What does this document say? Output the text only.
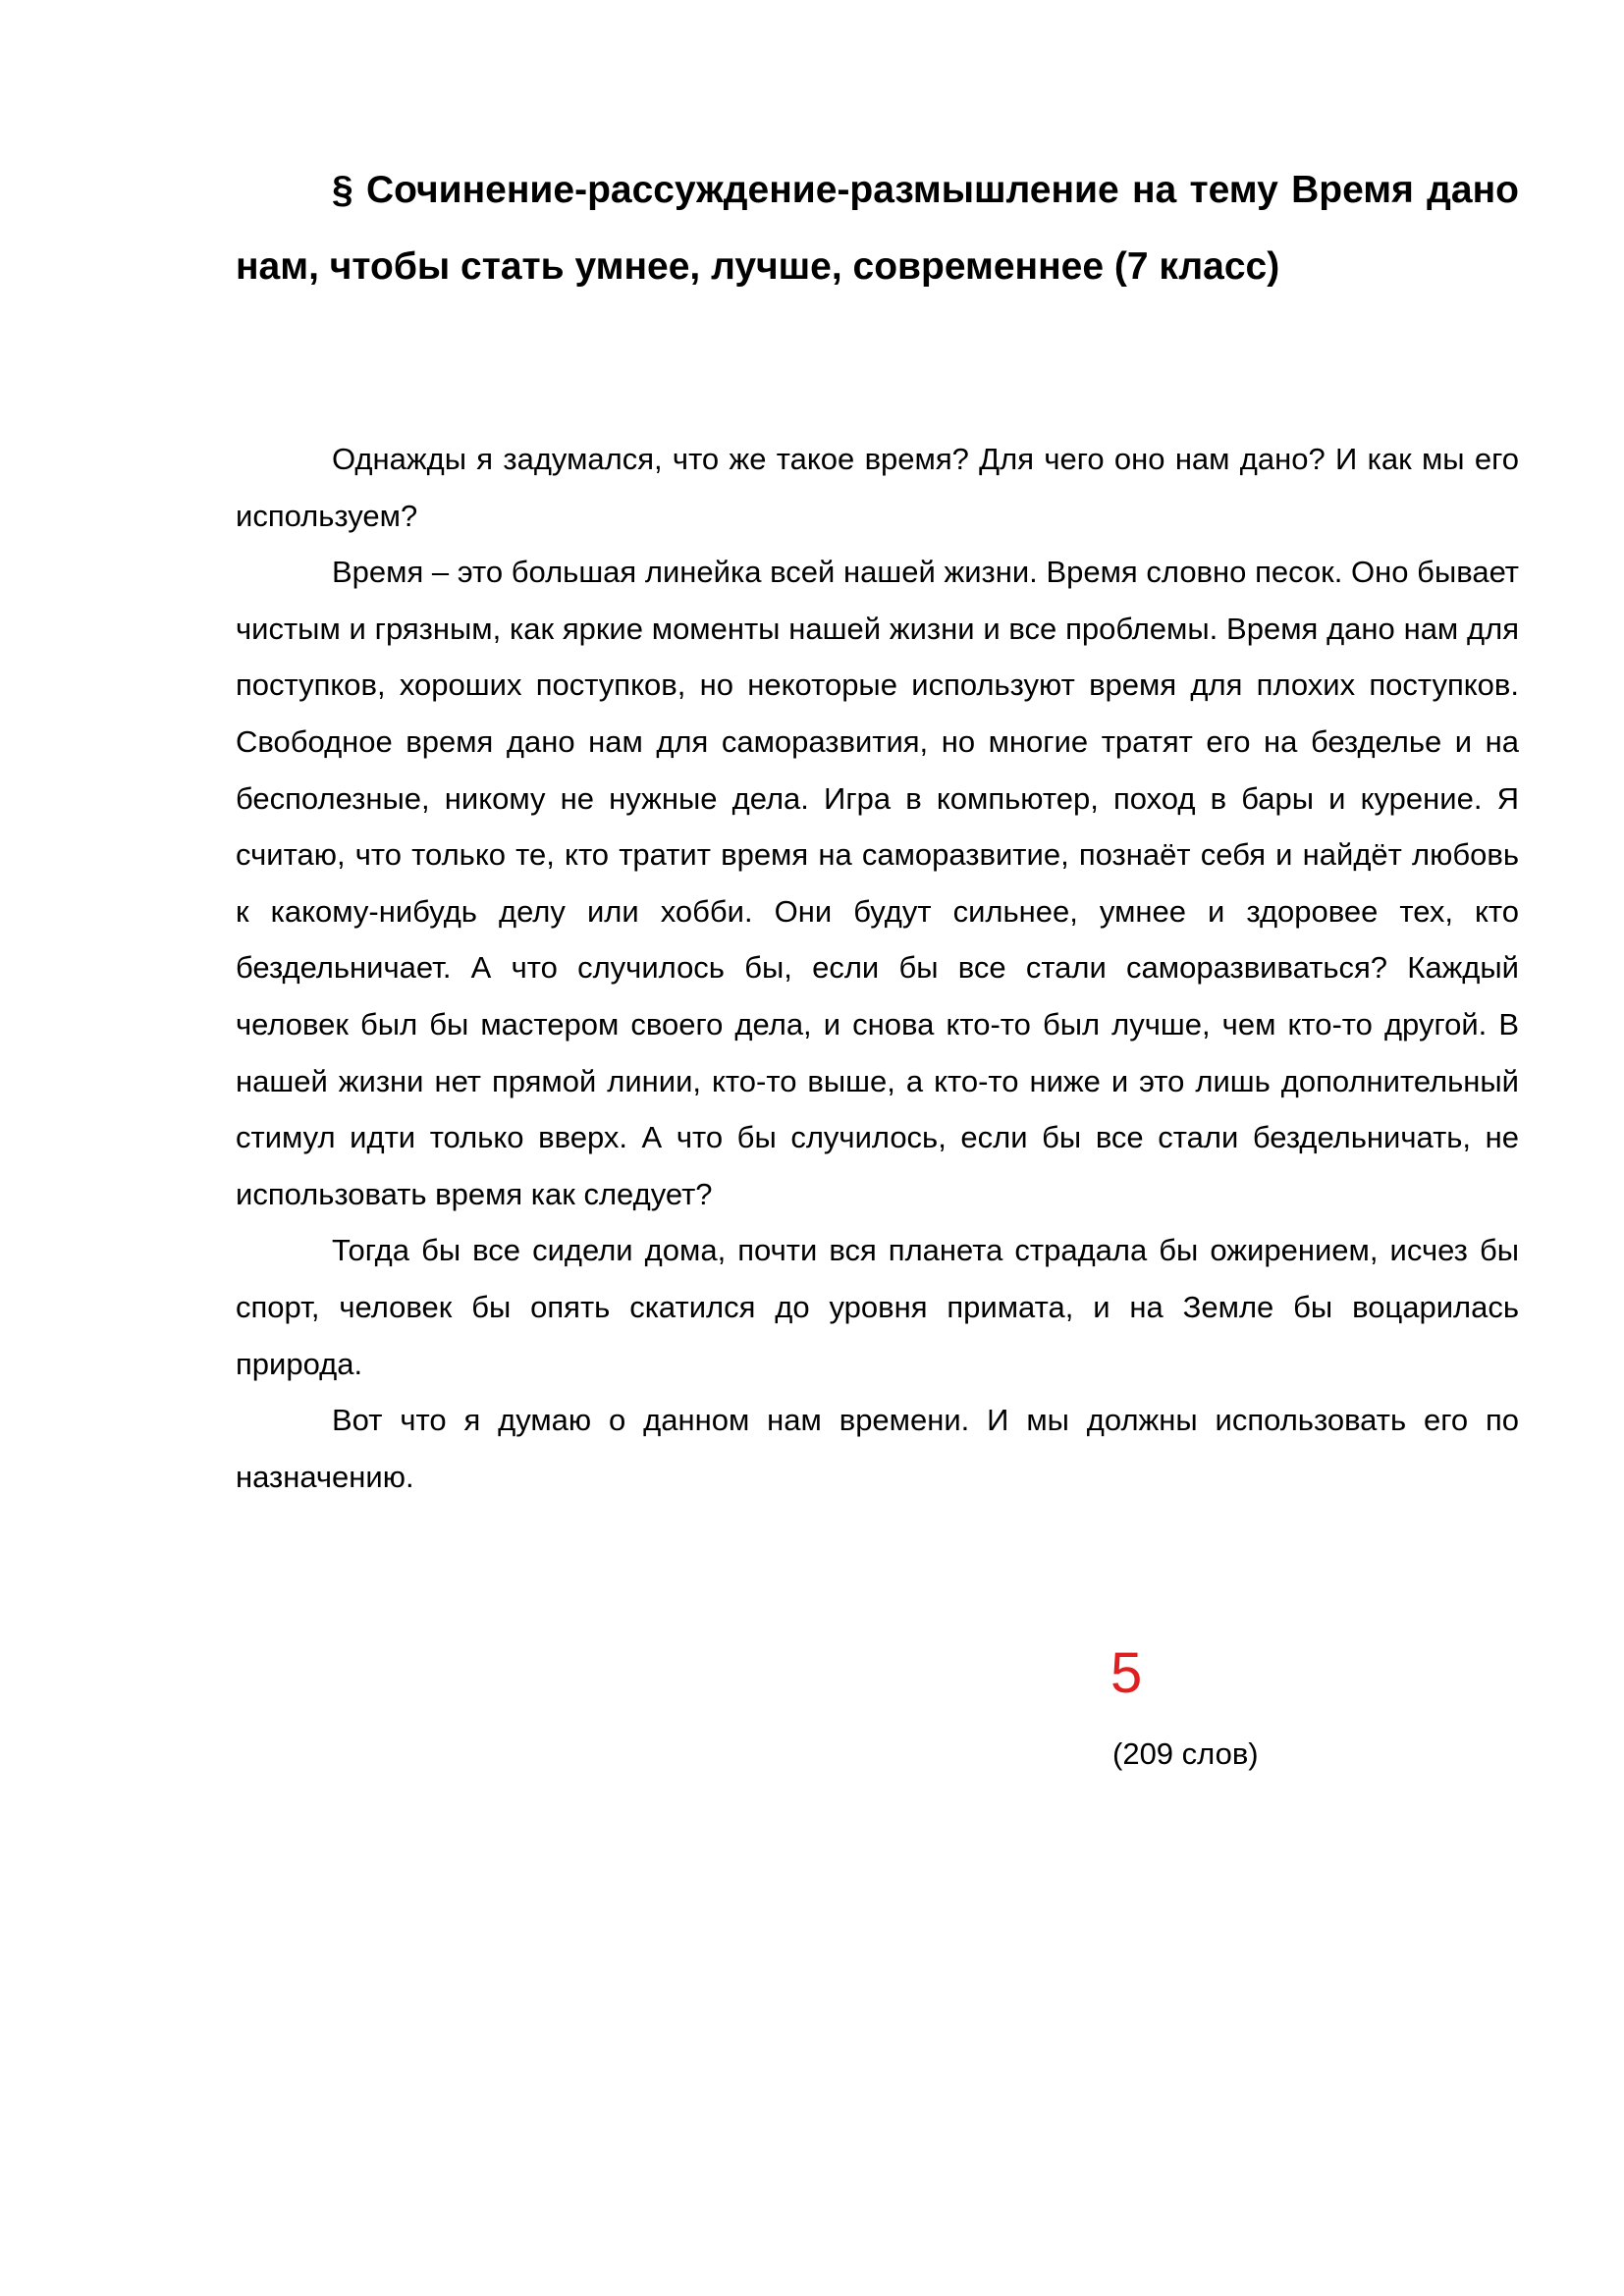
§ Сочинение-рассуждение-размышление на тему Время дано нам, чтобы стать умнее, лучше, современнее (7 класс)

Однажды я задумался, что же такое время? Для чего оно нам дано? И как мы его используем?

Время – это большая линейка всей нашей жизни. Время словно песок. Оно бывает чистым и грязным, как яркие моменты нашей жизни и все проблемы. Время дано нам для поступков, хороших поступков, но некоторые используют время для плохих поступков. Свободное время дано нам для саморазвития, но многие тратят его на безделье и на бесполезные, никому не нужные дела. Игра в компьютер, поход в бары и курение. Я считаю, что только те, кто тратит время на саморазвитие, познаёт себя и найдёт любовь к какому-нибудь делу или хобби. Они будут сильнее, умнее и здоровее тех, кто бездельничает. А что случилось бы, если бы все стали саморазвиваться? Каждый человек был бы мастером своего дела, и снова кто-то был лучше, чем кто-то другой. В нашей жизни нет прямой линии, кто-то выше, а кто-то ниже и это лишь дополнительный стимул идти только вверх. А что бы случилось, если бы все стали бездельничать, не использовать время как следует?

Тогда бы все сидели дома, почти вся планета страдала бы ожирением, исчез бы спорт, человек бы опять скатился до уровня примата, и на Земле бы воцарилась природа.

Вот что я думаю о данном нам времени. И мы должны использовать его по назначению.

5

(209 слов)
